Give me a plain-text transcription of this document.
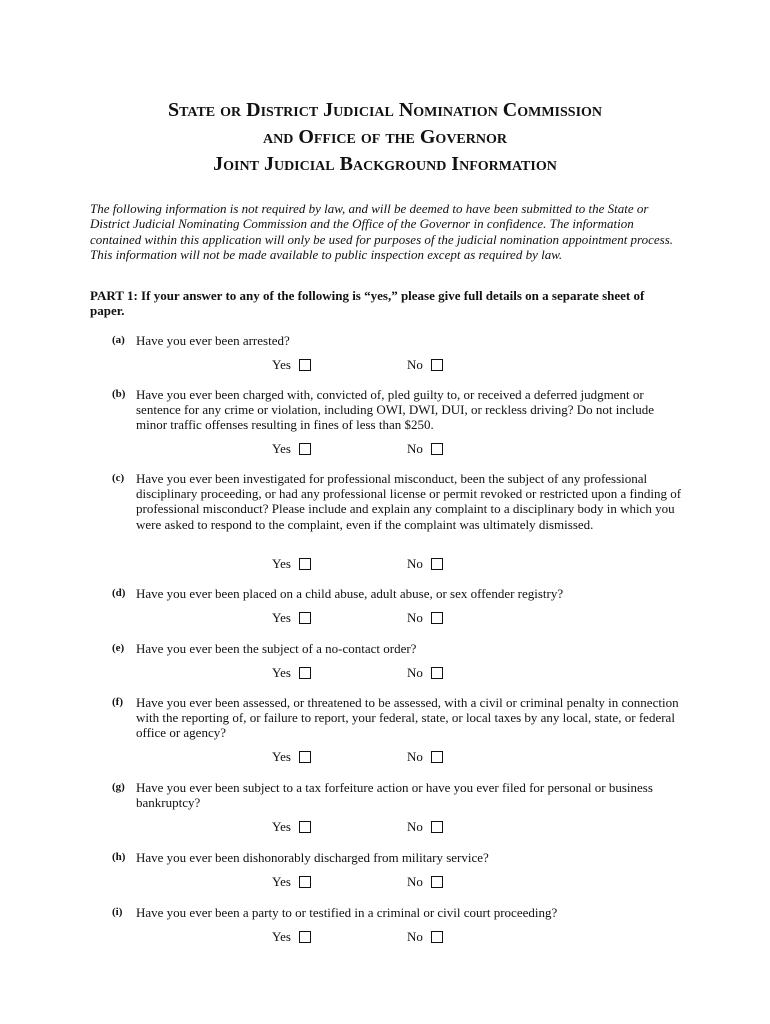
State or District Judicial Nomination Commission
and Office of the Governor
Joint Judicial Background Information
The following information is not required by law, and will be deemed to have been submitted to the State or District Judicial Nominating Commission and the Office of the Governor in confidence. The information contained within this application will only be used for purposes of the judicial nomination appointment process. This information will not be made available to public inspection except as required by law.
PART 1: If your answer to any of the following is “yes,” please give full details on a separate sheet of paper.
(a) Have you ever been arrested?
Yes	No
(b) Have you ever been charged with, convicted of, pled guilty to, or received a deferred judgment or sentence for any crime or violation, including OWI, DWI, DUI, or reckless driving? Do not include minor traffic offenses resulting in fines of less than $250.
Yes	No
(c) Have you ever been investigated for professional misconduct, been the subject of any professional disciplinary proceeding, or had any professional license or permit revoked or restricted upon a finding of professional misconduct? Please include and explain any complaint to a disciplinary body in which you were asked to respond to the complaint, even if the complaint was ultimately dismissed.
Yes	No
(d) Have you ever been placed on a child abuse, adult abuse, or sex offender registry?
Yes	No
(e) Have you ever been the subject of a no-contact order?
Yes	No
(f) Have you ever been assessed, or threatened to be assessed, with a civil or criminal penalty in connection with the reporting of, or failure to report, your federal, state, or local taxes by any local, state, or federal office or agency?
Yes	No
(g) Have you ever been subject to a tax forfeiture action or have you ever filed for personal or business bankruptcy?
Yes	No
(h) Have you ever been dishonorably discharged from military service?
Yes	No
(i) Have you ever been a party to or testified in a criminal or civil court proceeding?
Yes	No
